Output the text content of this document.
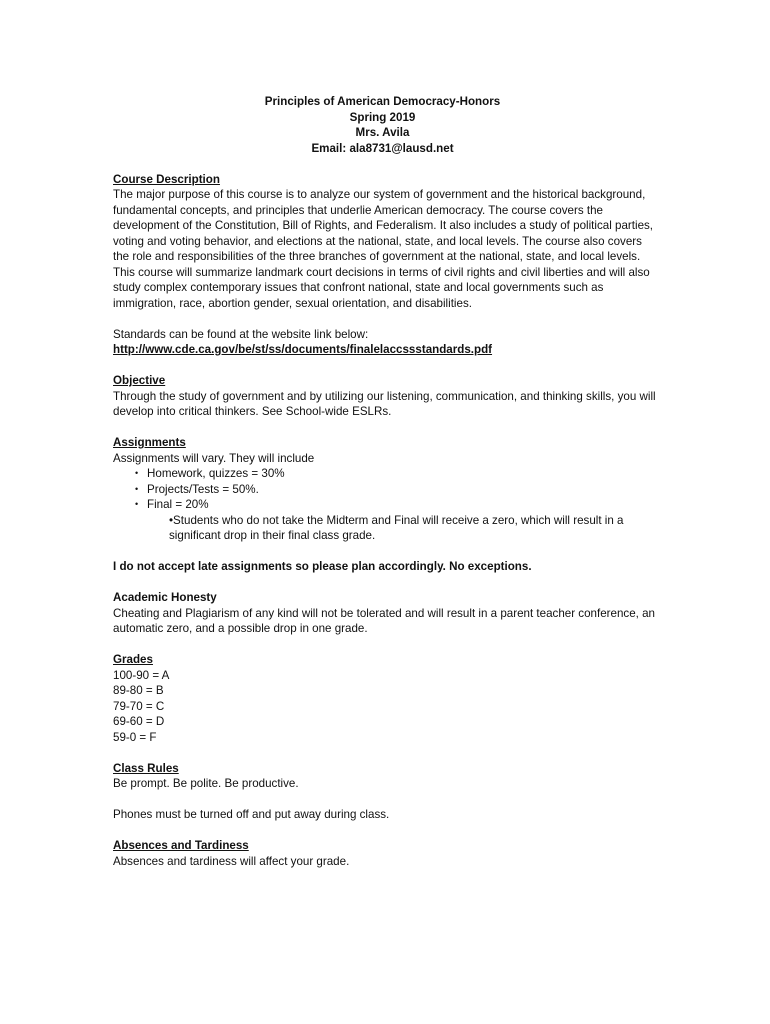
Principles of American Democracy-Honors
Spring 2019
Mrs. Avila
Email: ala8731@lausd.net
Course Description

The major purpose of this course is to analyze our system of government and the historical background, fundamental concepts, and principles that underlie American democracy. The course covers the development of the Constitution, Bill of Rights, and Federalism. It also includes a study of political parties, voting and voting behavior, and elections at the national, state, and local levels. The course also covers the role and responsibilities of the three branches of government at the national, state, and local levels. This course will summarize landmark court decisions in terms of civil rights and civil liberties and will also study complex contemporary issues that confront national, state and local governments such as immigration, race, abortion gender, sexual orientation, and disabilities.

Standards can be found at the website link below:
http://www.cde.ca.gov/be/st/ss/documents/finalelaccssstandards.pdf
Objective

Through the study of government and by utilizing our listening, communication, and thinking skills, you will develop into critical thinkers. See School-wide ESLRs.

Assignments
Assignments will vary. They will include
• Homework, quizzes = 30%
• Projects/Tests = 50%.
• Final = 20%
•Students who do not take the Midterm and Final will receive a zero, which will result in a significant drop in their final class grade.
I do not accept late assignments so please plan accordingly. No exceptions.
Academic Honesty

Cheating and Plagiarism of any kind will not be tolerated and will result in a parent teacher conference, an automatic zero, and a possible drop in one grade.

Grades
100-90 = A
89-80 = B
79-70 = C
69-60 = D
59-0 = F
Class Rules
Be prompt. Be polite. Be productive.
Phones must be turned off and put away during class.
Absences and Tardiness
Absences and tardiness will affect your grade.
